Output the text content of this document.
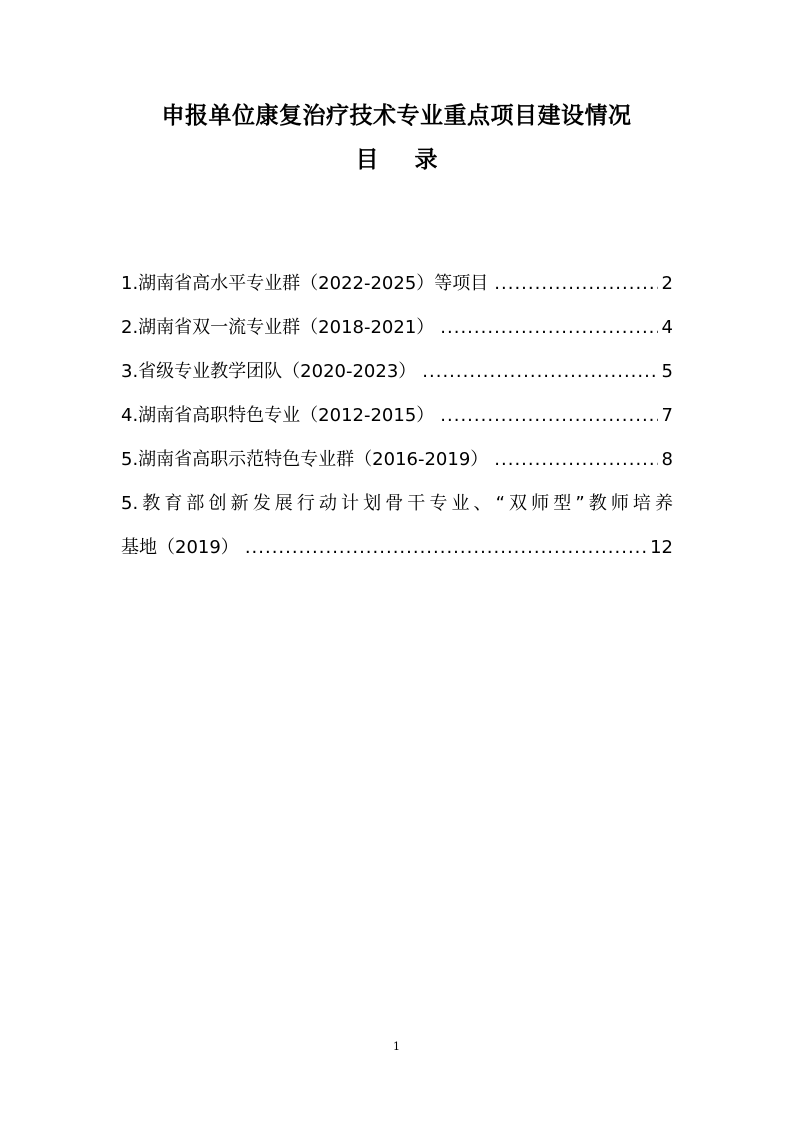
申报单位康复治疗技术专业重点项目建设情况
目 录
1.湖南省高水平专业群（2022-2025）等项目 .....	2
2.湖南省双一流专业群（2018-2021） .....	4
3.省级专业教学团队（2020-2023） .....	5
4.湖南省高职特色专业（2012-2015） .....	7
5.湖南省高职示范特色专业群（2016-2019） .....	8
5.教育部创新发展行动计划骨干专业、“双师型”教师培养
基地（2019） .....	12
1
